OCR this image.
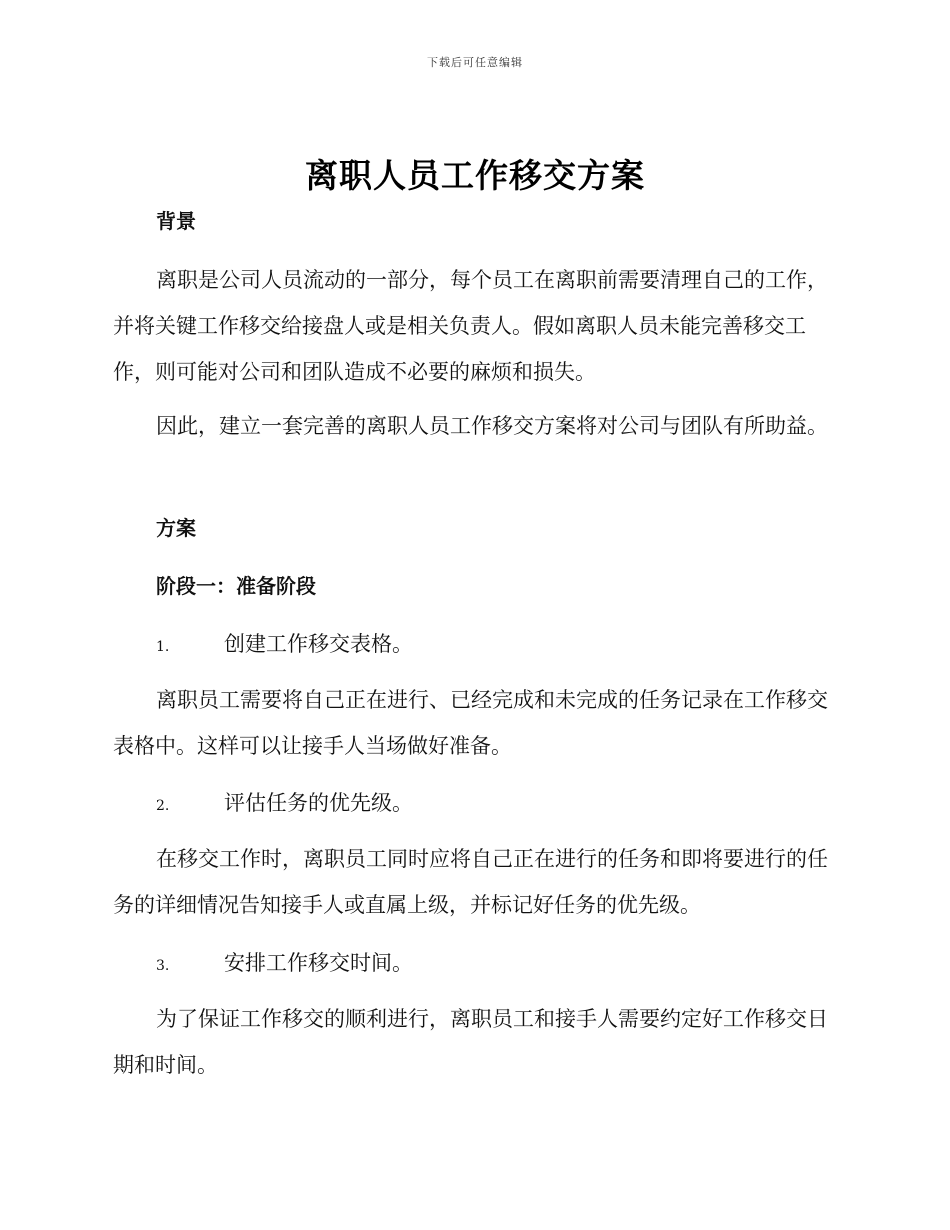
下载后可任意编辑
离职人员工作移交方案
背景

离职是公司人员流动的一部分，每个员工在离职前需要清理自己的工作，并将关键工作移交给接盘人或是相关负责人。假如离职人员未能完善移交工作，则可能对公司和团队造成不必要的麻烦和损失。

因此，建立一套完善的离职人员工作移交方案将对公司与团队有所助益。

方案
阶段一：准备阶段
1.	创建工作移交表格。

离职员工需要将自己正在进行、已经完成和未完成的任务记录在工作移交表格中。这样可以让接手人当场做好准备。

2.	评估任务的优先级。

在移交工作时，离职员工同时应将自己正在进行的任务和即将要进行的任务的详细情况告知接手人或直属上级，并标记好任务的优先级。

3.	安排工作移交时间。

为了保证工作移交的顺利进行，离职员工和接手人需要约定好工作移交日期和时间。
